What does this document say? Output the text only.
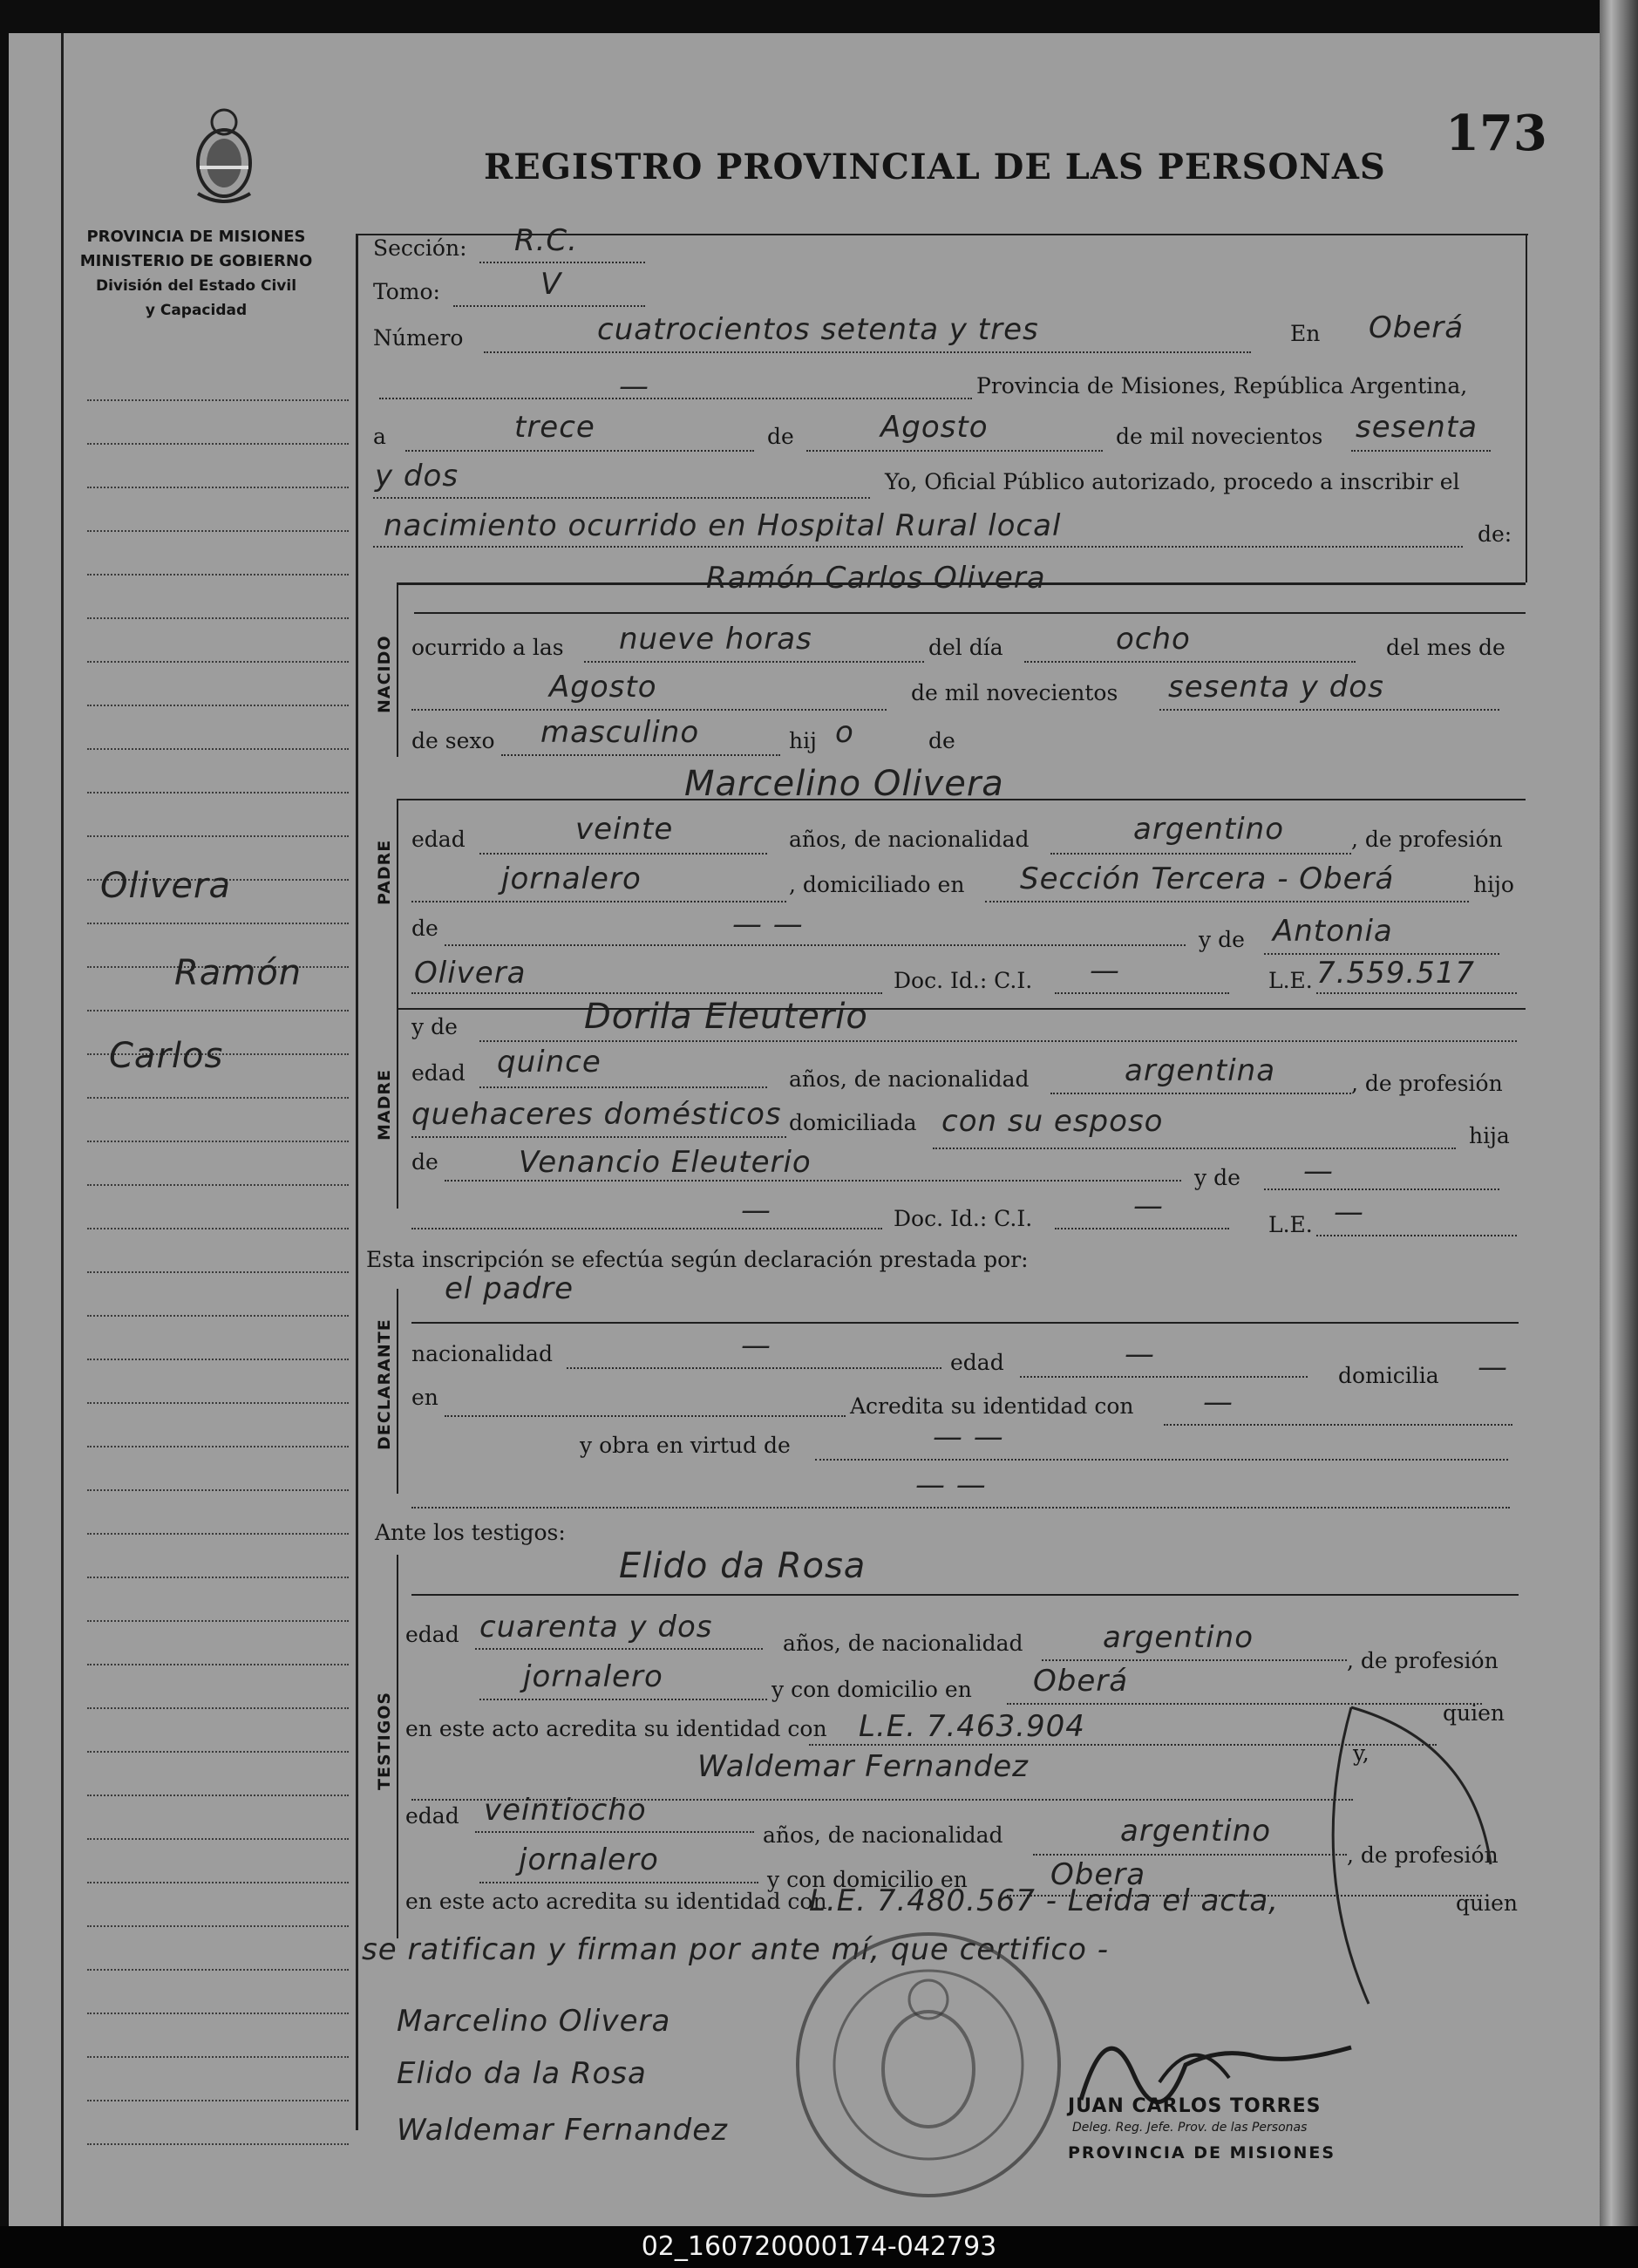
PROVINCIA DE MISIONES
MINISTERIO DE GOBIERNO
División del Estado Civil
y Capacidad
REGISTRO PROVINCIAL DE LAS PERSONAS
173
Olivera
Ramón
Carlos
Sección: R.C.
Tomo:	V
Número	cuatrocientos setenta y tres	En Oberá
—	Provincia de Misiones, República Argentina,
a	trece	de	Agosto	de mil novecientos sesenta
y dos	Yo, Oficial Público autorizado, procedo a inscribir el
nacimiento ocurrido en Hospital Rural local	de:
NACIDO
Ramón Carlos Olivera
ocurrido a las nueve horas	del día	ocho	del mes de
Agosto	de mil novecientos sesenta y dos
de sexo masculino	hij o	de
PADRE
Marcelino Olivera
edad	veinte	años, de nacionalidad	argentino	, de profesión
jornalero	, domiciliado en Sección Tercera - Oberá	hijo
de	— —	y de Antonia
Olivera	Doc. Id.: C.I. —	L.E. 7.559.517
MADRE
y de	Dorila Eleuterio
edad quince	años, de nacionalidad	argentina	, de profesión
quehaceres domésticos domiciliada con su esposo	hija
de	Venancio Eleuterio	y de —
—	Doc. Id.: C.I.	—
L.E. —
Esta inscripción se efectúa según declaración prestada por:
DECLARANTE
el padre
nacionalidad	—	edad	—
domicilia —
en	Acredita su identidad con —
y obra en virtud de	— —
— —
Ante los testigos:
TESTIGOS
Elido da Rosa
edad cuarenta y dos	años, de nacionalidad	argentino
, de profesión
jornalero	y con domicilio en Oberá
en este acto acredita su identidad con L.E. 7.463.904	quien
Waldemar Fernandez	y,
edad veintiocho
años, de nacionalidad	argentino
, de profesión
jornalero
y con domicilio en	Obera
en este acto acredita su identidad con	quien
L.E. 7.480.567 - Leida el acta,
se ratifican y firman por ante mí, que certifico -
Marcelino Olivera
Elido da la Rosa
Waldemar Fernandez
JUAN CARLOS TORRES
Deleg. Reg. Jefe. Prov. de las Personas
PROVINCIA DE MISIONES
02_160720000174-042793
